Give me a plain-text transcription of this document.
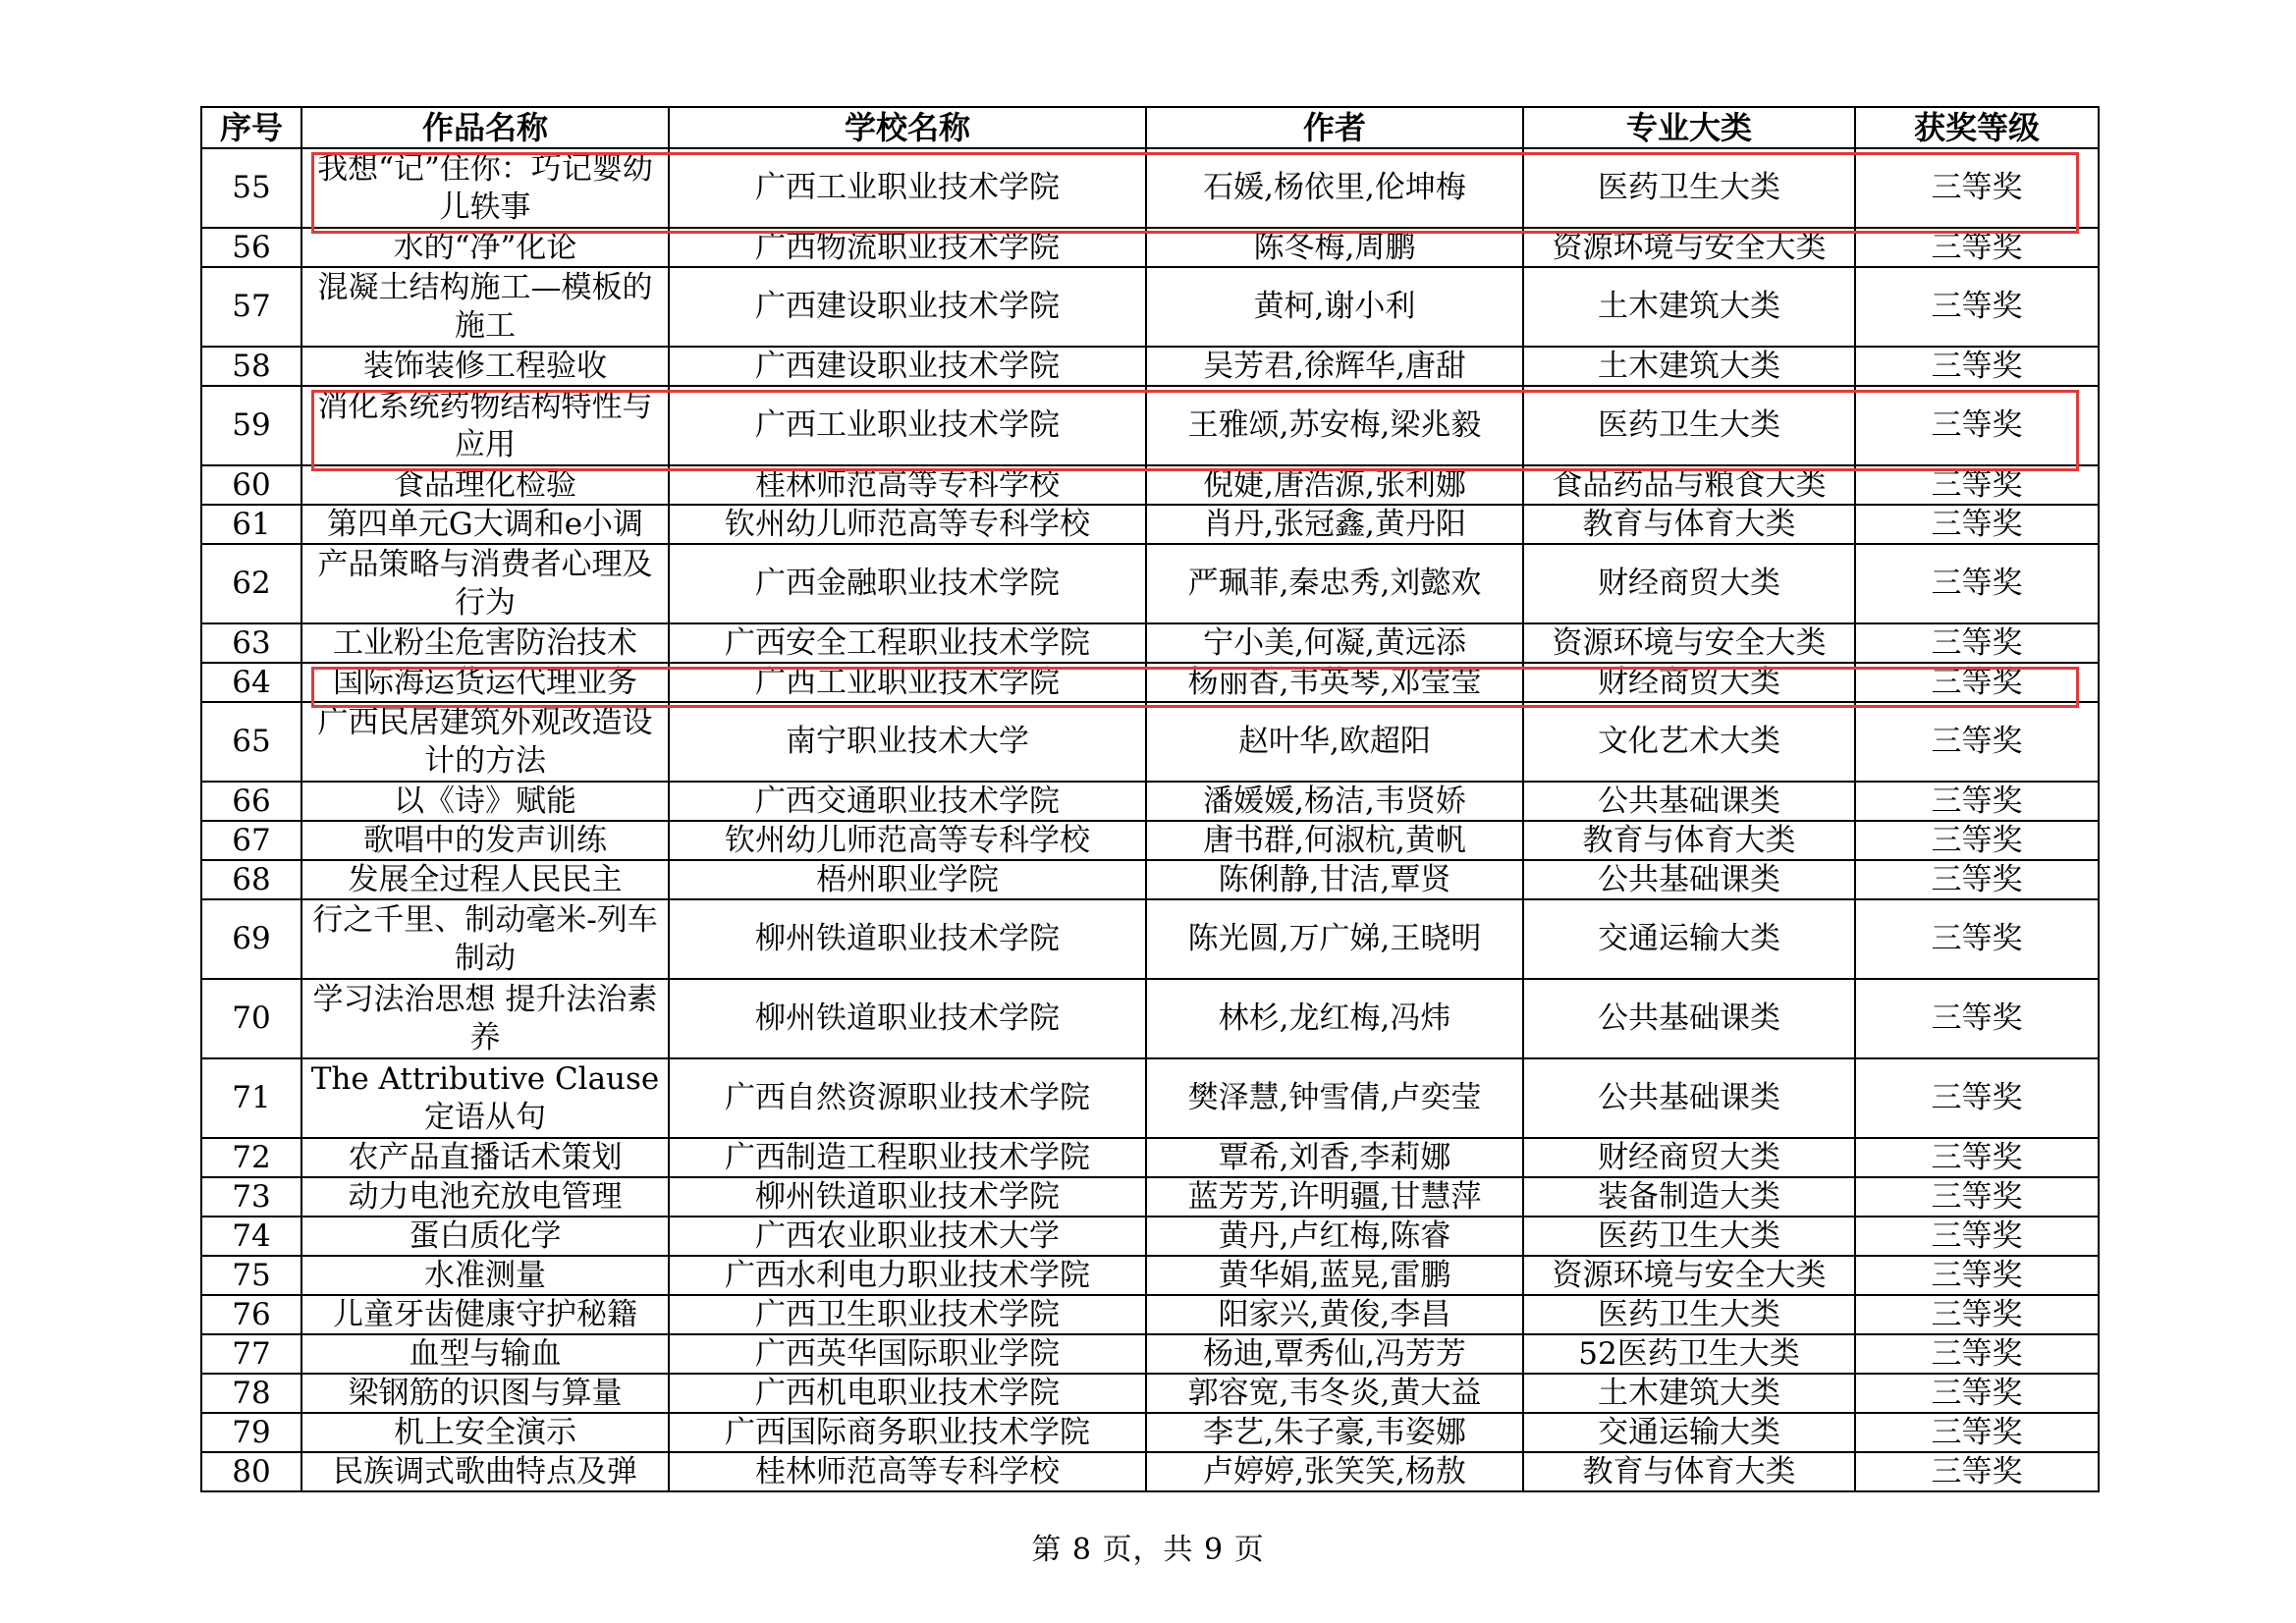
序号	作品名称	学校名称	作者	专业大类	获奖等级
55	我想“记”住你：巧记婴幼儿轶事	广西工业职业技术学院	石媛,杨依里,伦坤梅	医药卫生大类	三等奖
56	水的“净”化论	广西物流职业技术学院	陈冬梅,周鹏	资源环境与安全大类	三等奖
57	混凝土结构施工—模板的施工	广西建设职业技术学院	黄柯,谢小利	土木建筑大类	三等奖
58	装饰装修工程验收	广西建设职业技术学院	吴芳君,徐辉华,唐甜	土木建筑大类	三等奖
59	消化系统药物结构特性与应用	广西工业职业技术学院	王雅颂,苏安梅,梁兆毅	医药卫生大类	三等奖
60	食品理化检验	桂林师范高等专科学校	倪婕,唐浩源,张利娜	食品药品与粮食大类	三等奖
61	第四单元G大调和e小调	钦州幼儿师范高等专科学校	肖丹,张冠鑫,黄丹阳	教育与体育大类	三等奖
62	产品策略与消费者心理及行为	广西金融职业技术学院	严珮菲,秦忠秀,刘懿欢	财经商贸大类	三等奖
63	工业粉尘危害防治技术	广西安全工程职业技术学院	宁小美,何凝,黄远添	资源环境与安全大类	三等奖
64	国际海运货运代理业务	广西工业职业技术学院	杨丽香,韦英琴,邓莹莹	财经商贸大类	三等奖
65	广西民居建筑外观改造设计的方法	南宁职业技术大学	赵叶华,欧超阳	文化艺术大类	三等奖
66	以《诗》赋能	广西交通职业技术学院	潘媛媛,杨洁,韦贤娇	公共基础课类	三等奖
67	歌唱中的发声训练	钦州幼儿师范高等专科学校	唐书群,何淑杭,黄帆	教育与体育大类	三等奖
68	发展全过程人民民主	梧州职业学院	陈俐静,甘洁,覃贤	公共基础课类	三等奖
69	行之千里、制动毫米-列车制动	柳州铁道职业技术学院	陈光圆,万广娣,王晓明	交通运输大类	三等奖
70	学习法治思想 提升法治素养	柳州铁道职业技术学院	林杉,龙红梅,冯炜	公共基础课类	三等奖
71	The Attributive Clause 定语从句	广西自然资源职业技术学院	樊泽慧,钟雪倩,卢奕莹	公共基础课类	三等奖
72	农产品直播话术策划	广西制造工程职业技术学院	覃希,刘香,李莉娜	财经商贸大类	三等奖
73	动力电池充放电管理	柳州铁道职业技术学院	蓝芳芳,许明疆,甘慧萍	装备制造大类	三等奖
74	蛋白质化学	广西农业职业技术大学	黄丹,卢红梅,陈睿	医药卫生大类	三等奖
75	水准测量	广西水利电力职业技术学院	黄华娟,蓝晃,雷鹏	资源环境与安全大类	三等奖
76	儿童牙齿健康守护秘籍	广西卫生职业技术学院	阳家兴,黄俊,李昌	医药卫生大类	三等奖
77	血型与输血	广西英华国际职业学院	杨迪,覃秀仙,冯芳芳	52医药卫生大类	三等奖
78	梁钢筋的识图与算量	广西机电职业技术学院	郭容宽,韦冬炎,黄大益	土木建筑大类	三等奖
79	机上安全演示	广西国际商务职业技术学院	李艺,朱子豪,韦姿娜	交通运输大类	三等奖
80	民族调式歌曲特点及弹	桂林师范高等专科学校	卢婷婷,张笑笑,杨敖	教育与体育大类	三等奖
第 8 页，共 9 页
